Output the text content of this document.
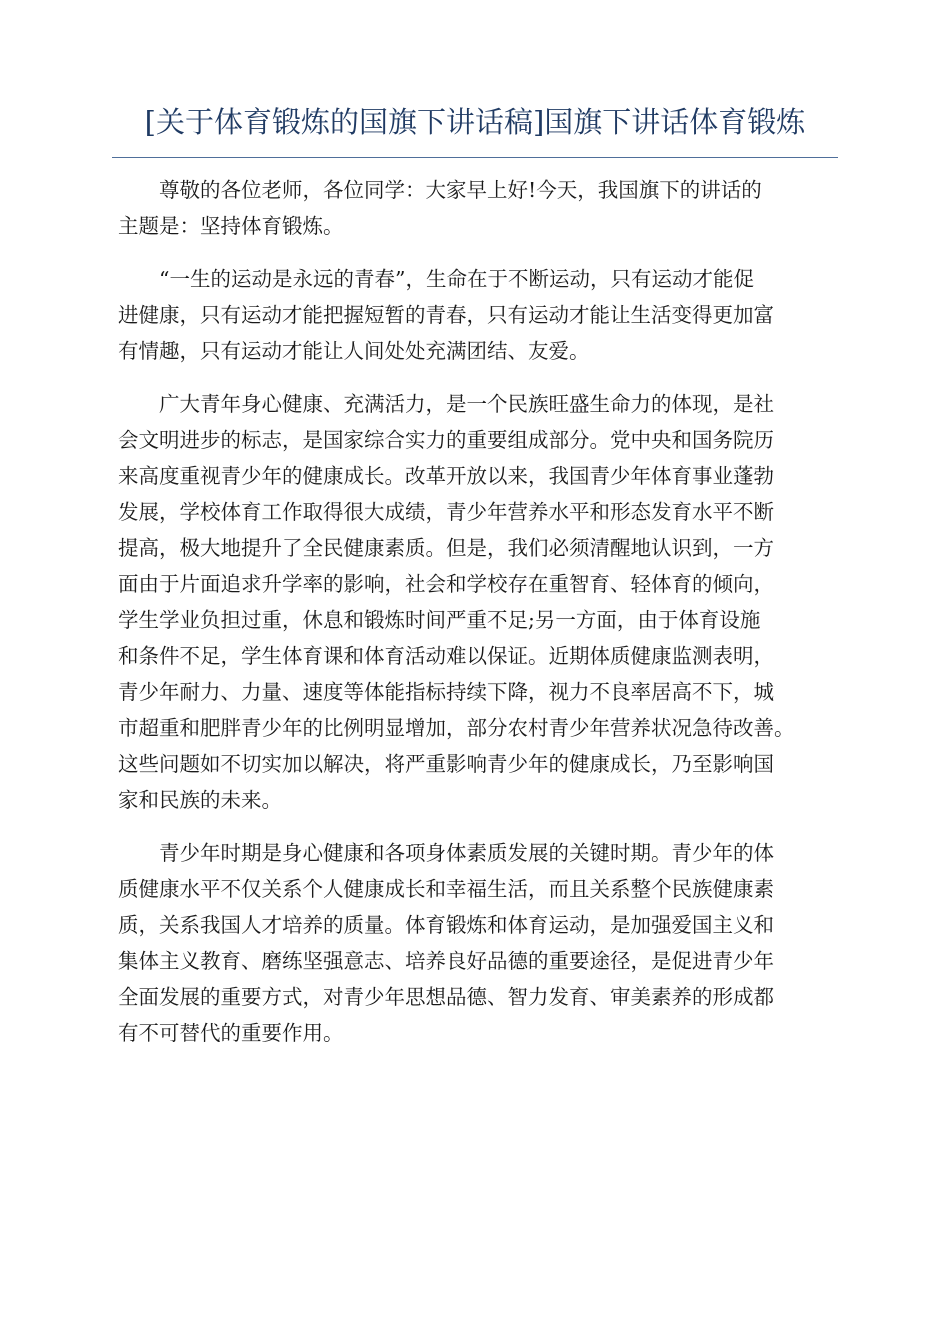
[关于体育锻炼的国旗下讲话稿]国旗下讲话体育锻炼

　　尊敬的各位老师，各位同学：大家早上好!今天，我国旗下的讲话的
主题是：坚持体育锻炼。

　　“一生的运动是永远的青春”，生命在于不断运动，只有运动才能促
进健康，只有运动才能把握短暂的青春，只有运动才能让生活变得更加富
有情趣，只有运动才能让人间处处充满团结、友爱。

　　广大青年身心健康、充满活力，是一个民族旺盛生命力的体现，是社
会文明进步的标志，是国家综合实力的重要组成部分。党中央和国务院历
来高度重视青少年的健康成长。改革开放以来，我国青少年体育事业蓬勃
发展，学校体育工作取得很大成绩，青少年营养水平和形态发育水平不断
提高，极大地提升了全民健康素质。但是，我们必须清醒地认识到，一方
面由于片面追求升学率的影响，社会和学校存在重智育、轻体育的倾向，
学生学业负担过重，休息和锻炼时间严重不足;另一方面，由于体育设施
和条件不足，学生体育课和体育活动难以保证。近期体质健康监测表明，
青少年耐力、力量、速度等体能指标持续下降，视力不良率居高不下，城
市超重和肥胖青少年的比例明显增加，部分农村青少年营养状况急待改善。
这些问题如不切实加以解决，将严重影响青少年的健康成长，乃至影响国
家和民族的未来。

　　青少年时期是身心健康和各项身体素质发展的关键时期。青少年的体
质健康水平不仅关系个人健康成长和幸福生活，而且关系整个民族健康素
质，关系我国人才培养的质量。体育锻炼和体育运动，是加强爱国主义和
集体主义教育、磨练坚强意志、培养良好品德的重要途径，是促进青少年
全面发展的重要方式，对青少年思想品德、智力发育、审美素养的形成都
有不可替代的重要作用。
